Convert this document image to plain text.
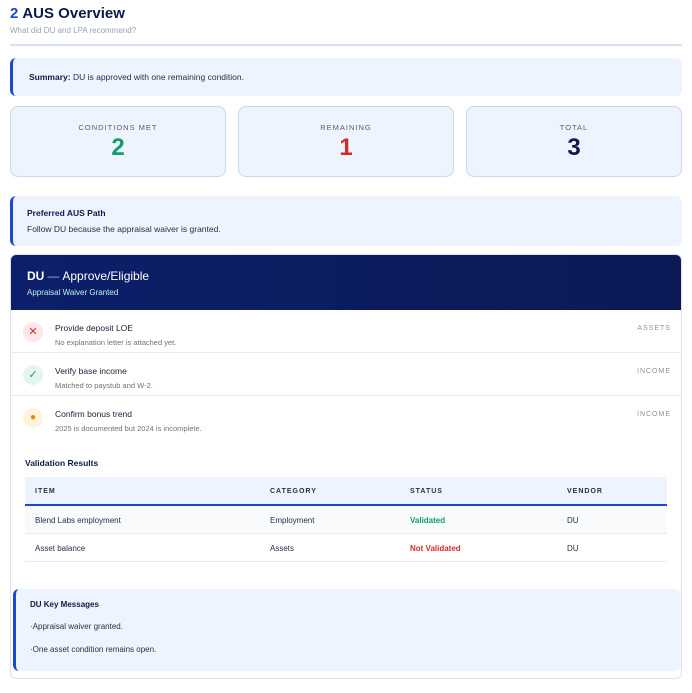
2 AUS Overview
What did DU and LPA recommend?
Summary: DU is approved with one remaining condition.
CONDITIONS MET
2
REMAINING
1
TOTAL
3
Preferred AUS Path
Follow DU because the appraisal waiver is granted.
DU — Approve/Eligible
Appraisal Waiver Granted
✕	Provide deposit LOE
No explanation letter is attached yet.
ASSETS
✓	Verify base income
Matched to paystub and W-2.
INCOME
●	Confirm bonus trend
2025 is documented but 2024 is incomplete.
INCOME
Validation Results
ITEM	CATEGORY	STATUS	VENDOR
Blend Labs employment	Employment	Validated	DU
Asset balance	Assets	Not Validated	DU
DU Key Messages
·Appraisal waiver granted.
·One asset condition remains open.
